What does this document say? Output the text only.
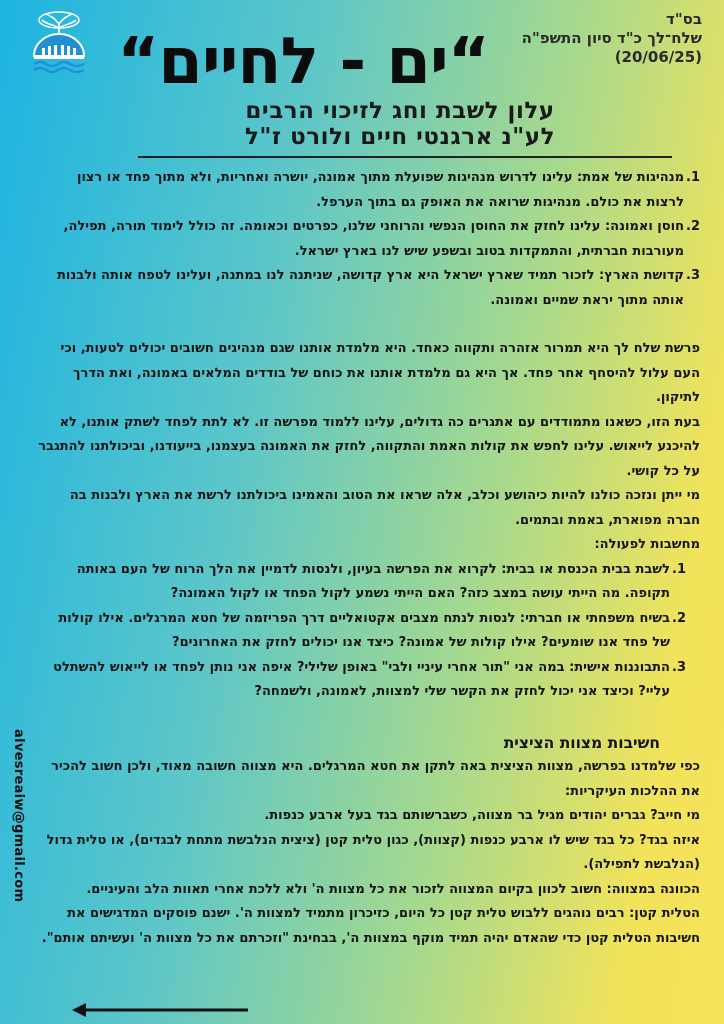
“ים - לחיים“
בס"ד
שלח־לך כ"ד סיון התשפ"ה
(20/06/25)
עלון לשבת וחג לזיכוי הרבים
לע"נ ארגנטי חיים ולורט ז"ל
1.
מנהיגות של אמת: עלינו לדרוש מנהיגות שפועלת מתוך אמונה, יושרה ואחריות, ולא מתוך פחד או רצון לרצות את כולם. מנהיגות שרואה את האופק גם בתוך הערפל.
2.
חוסן ואמונה: עלינו לחזק את החוסן הנפשי והרוחני שלנו, כפרטים וכאומה. זה כולל לימוד תורה, תפילה, מעורבות חברתית, והתמקדות בטוב ובשפע שיש לנו בארץ ישראל.
3.
קדושת הארץ: לזכור תמיד שארץ ישראל היא ארץ קדושה, שניתנה לנו במתנה, ועלינו לטפח אותה ולבנות אותה מתוך יראת שמיים ואמונה.

פרשת שלח לך היא תמרור אזהרה ותקווה כאחד. היא מלמדת אותנו שגם מנהיגים חשובים יכולים לטעות, וכי העם עלול להיסחף אחר פחד. אך היא גם מלמדת אותנו את כוחם של בודדים המלאים באמונה, ואת הדרך לתיקון.

בעת הזו, כשאנו מתמודדים עם אתגרים כה גדולים, עלינו ללמוד מפרשה זו. לא לתת לפחד לשתק אותנו, לא להיכנע לייאוש. עלינו לחפש את קולות האמת והתקווה, לחזק את האמונה בעצמנו, בייעודנו, וביכולתנו להתגבר על כל קושי.

מי ייתן ונזכה כולנו להיות כיהושע וכלב, אלה שראו את הטוב והאמינו ביכולתנו לרשת את הארץ ולבנות בה חברה מפוארת, באמת ובתמים.

מחשבות לפעולה:

1.
לשבת בבית הכנסת או בבית: לקרוא את הפרשה בעיון, ולנסות לדמיין את הלך הרוח של העם באותה תקופה. מה הייתי עושה במצב כזה? האם הייתי נשמע לקול הפחד או לקול האמונה?
2.
בשיח משפחתי או חברתי: לנסות לנתח מצבים אקטואליים דרך הפריזמה של חטא המרגלים. אילו קולות של פחד אנו שומעים? אילו קולות של אמונה? כיצד אנו יכולים לחזק את האחרונים?
3.
התבוננות אישית: במה אני "תור אחרי עיניי ולבי" באופן שלילי? איפה אני נותן לפחד או לייאוש להשתלט עליי? וכיצד אני יכול לחזק את הקשר שלי למצוות, לאמונה, ולשמחה?
חשיבות מצוות הציצית

כפי שלמדנו בפרשה, מצוות הציצית באה לתקן את חטא המרגלים. היא מצווה חשובה מאוד, ולכן חשוב להכיר את ההלכות העיקריות:

מי חייב? גברים יהודים מגיל בר מצווה, כשברשותם בגד בעל ארבע כנפות.

איזה בגד? כל בגד שיש לו ארבע כנפות (קצוות), כגון טלית קטן (ציצית הנלבשת מתחת לבגדים), או טלית גדול (הנלבשת לתפילה).

הכוונה במצווה: חשוב לכוון בקיום המצווה לזכור את כל מצוות ה' ולא ללכת אחרי תאוות הלב והעיניים.

הטלית קטן: רבים נוהגים ללבוש טלית קטן כל היום, כזיכרון מתמיד למצוות ה'. ישנם פוסקים המדגישים את חשיבות הטלית קטן כדי שהאדם יהיה תמיד מוקף במצוות ה', בבחינת "וזכרתם את כל מצוות ה' ועשיתם אותם".

alvesreaiw@gmail.com
